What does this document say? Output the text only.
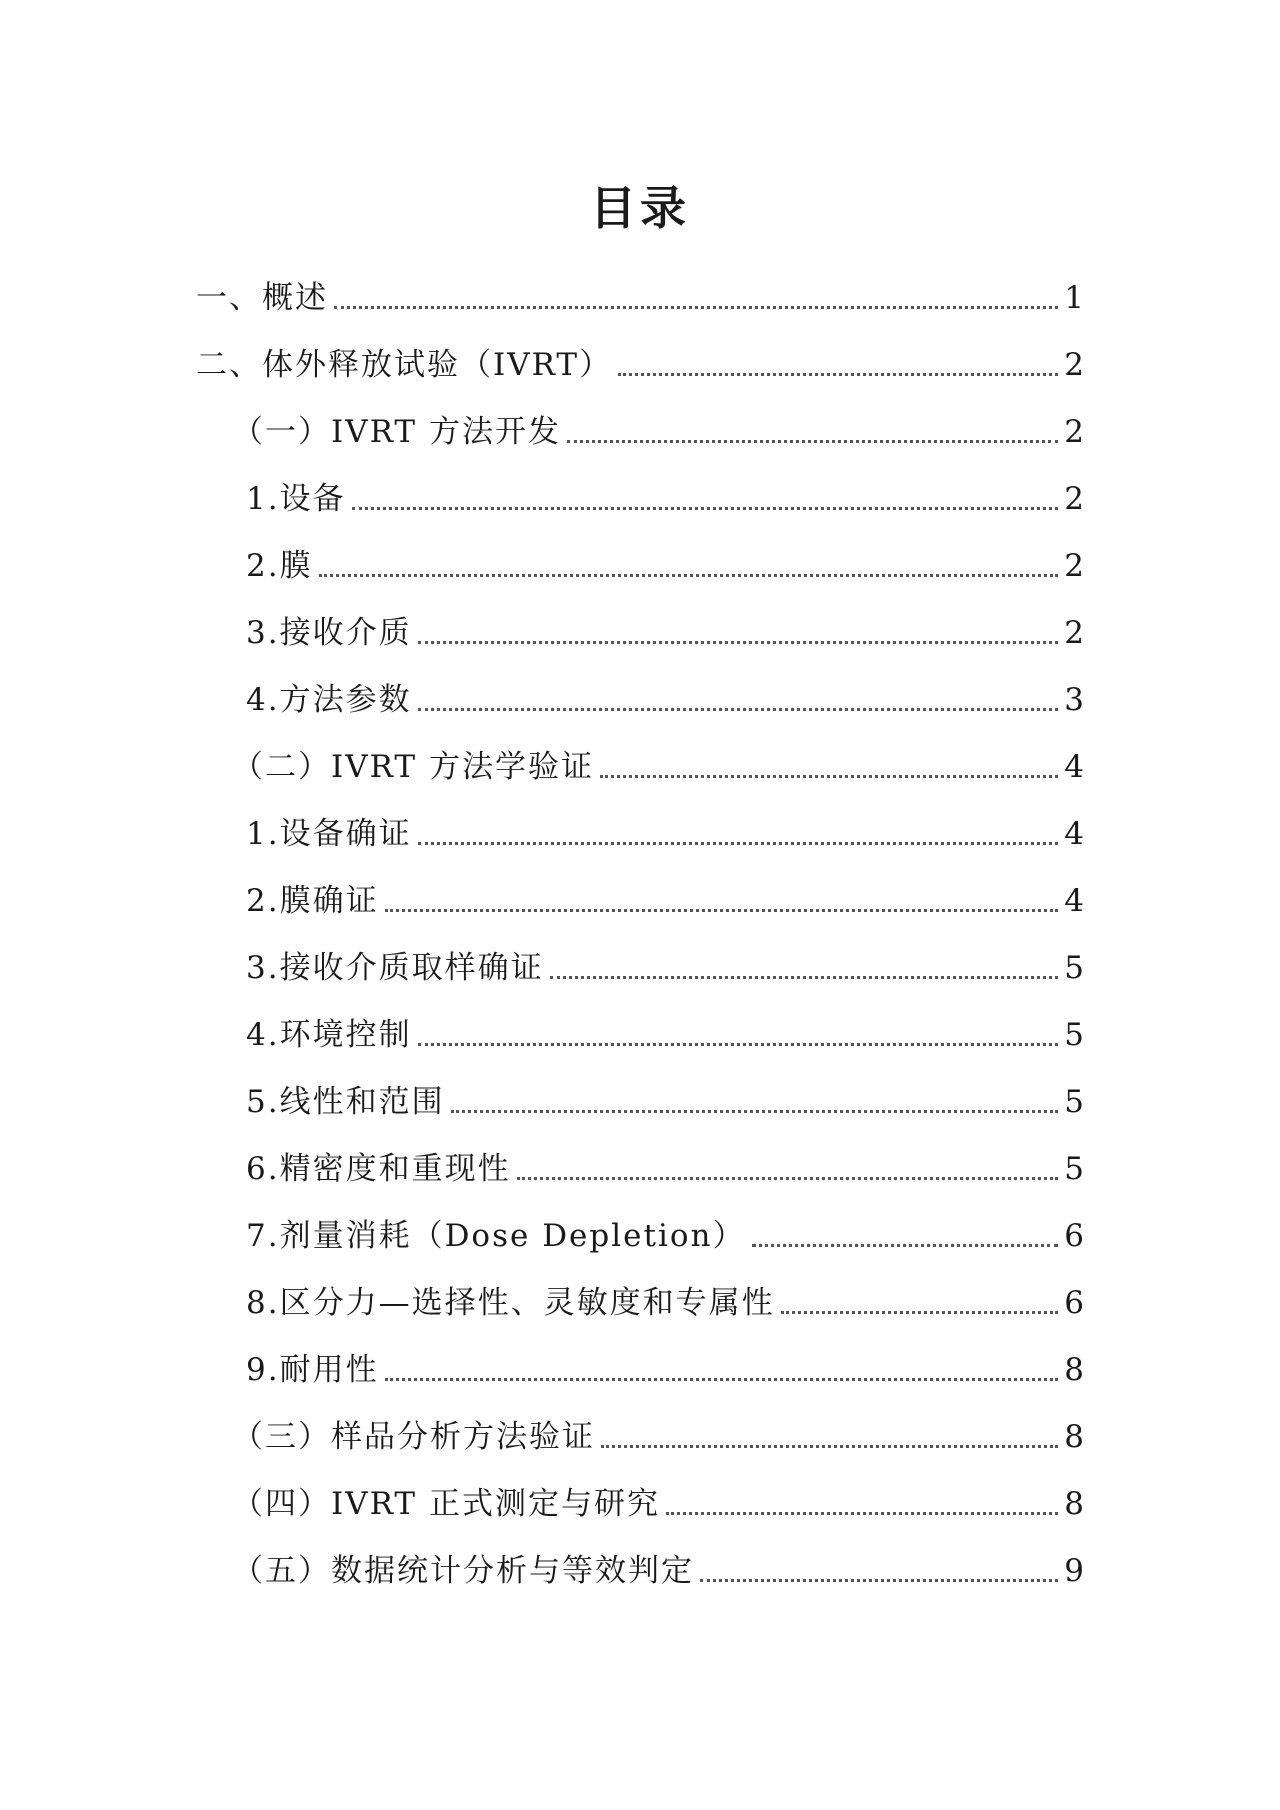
目录
一、概述	1
二、体外释放试验（IVRT）	2
（一）IVRT 方法开发	2
1.设备	2
2.膜	2
3.接收介质	2
4.方法参数	3
（二）IVRT 方法学验证	4
1.设备确证	4
2.膜确证	4
3.接收介质取样确证	5
4.环境控制	5
5.线性和范围	5
6.精密度和重现性	5
7.剂量消耗（Dose Depletion）	6
8.区分力—选择性、灵敏度和专属性	6
9.耐用性	8
（三）样品分析方法验证	8
（四）IVRT 正式测定与研究	8
（五）数据统计分析与等效判定	9
